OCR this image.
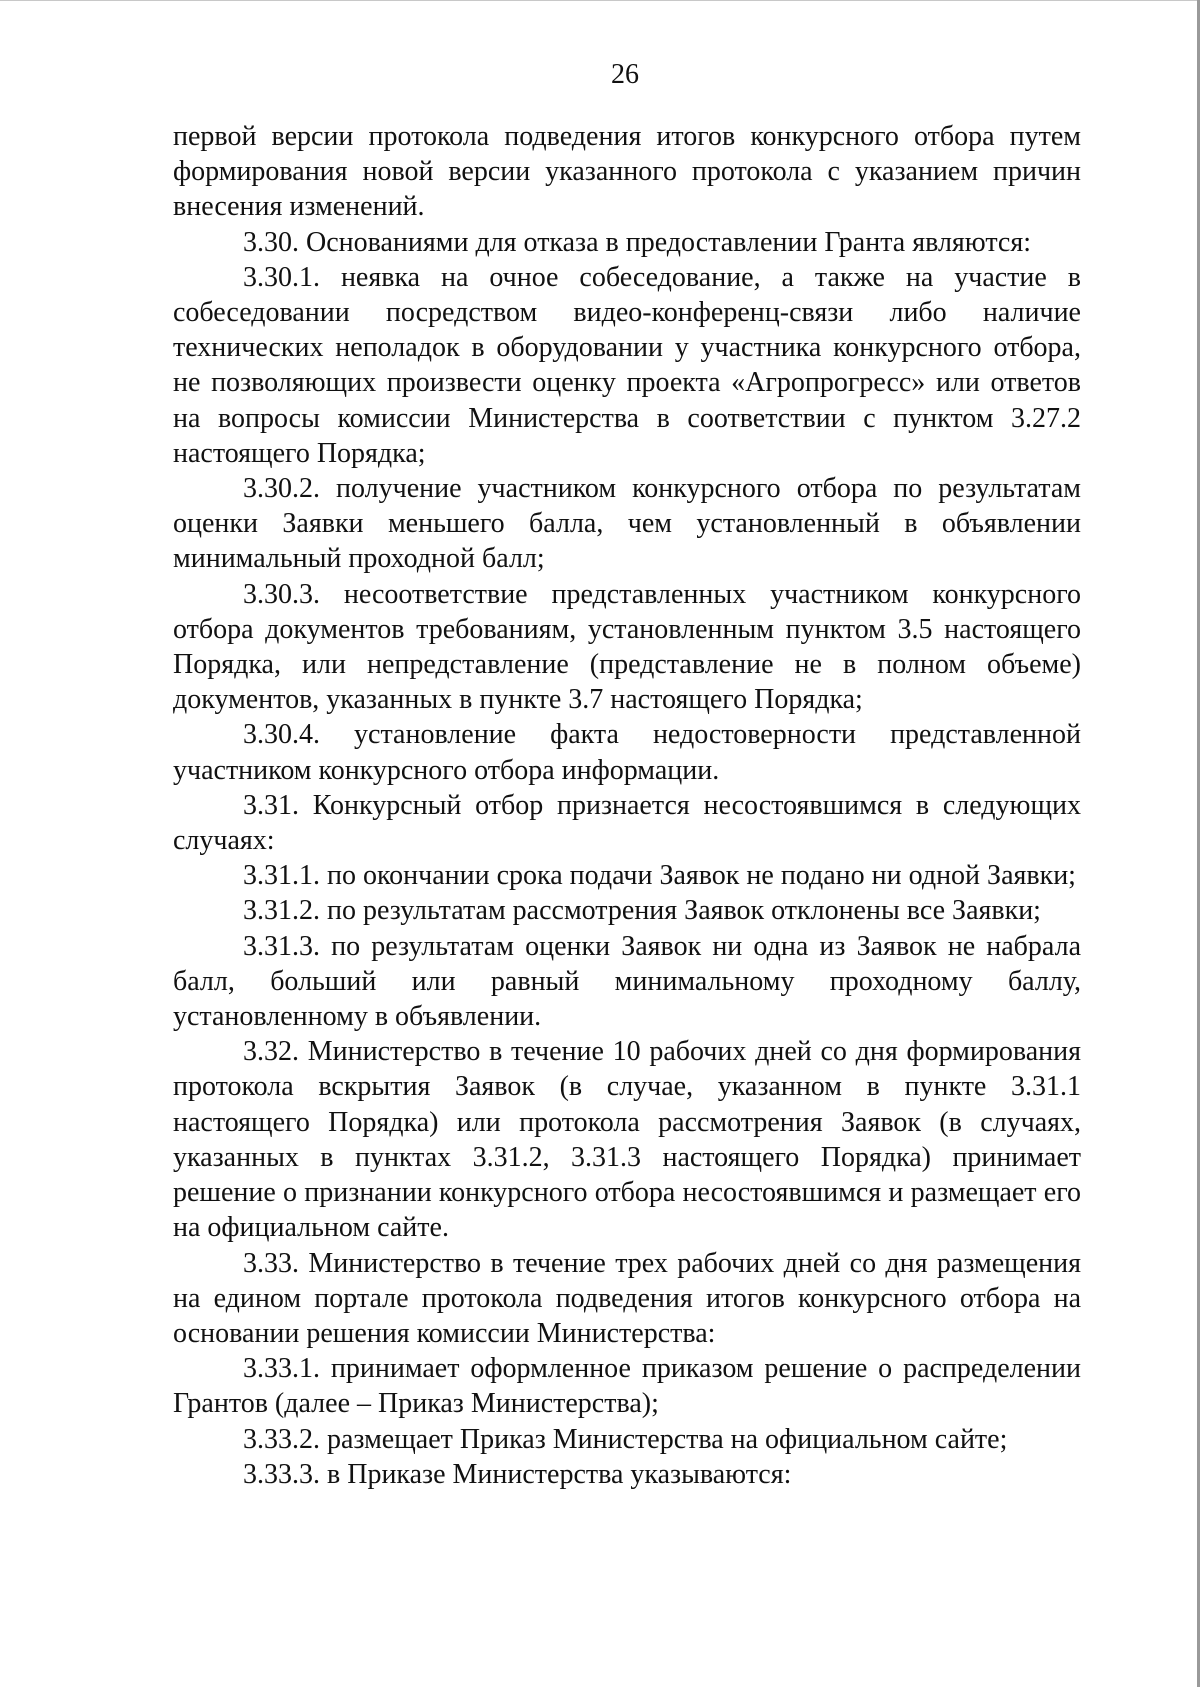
26

первой версии протокола подведения итогов конкурсного отбора путем формирования новой версии указанного протокола с указанием причин внесения изменений.

3.30. Основаниями для отказа в предоставлении Гранта являются:

3.30.1. неявка на очное собеседование, а также на участие в собеседовании посредством видео-конференц-связи либо наличие технических неполадок в оборудовании у участника конкурсного отбора, не позволяющих произвести оценку проекта «Агропрогресс» или ответов на вопросы комиссии Министерства в соответствии с пунктом 3.27.2 настоящего Порядка;

3.30.2. получение участником конкурсного отбора по результатам оценки Заявки меньшего балла, чем установленный в объявлении минимальный проходной балл;

3.30.3. несоответствие представленных участником конкурсного отбора документов требованиям, установленным пунктом 3.5 настоящего Порядка, или непредставление (представление не в полном объеме) документов, указанных в пункте 3.7 настоящего Порядка;

3.30.4. установление факта недостоверности представленной участником конкурсного отбора информации.

3.31. Конкурсный отбор признается несостоявшимся в следующих случаях:

3.31.1. по окончании срока подачи Заявок не подано ни одной Заявки;

3.31.2. по результатам рассмотрения Заявок отклонены все Заявки;

3.31.3. по результатам оценки Заявок ни одна из Заявок не набрала балл, больший или равный минимальному проходному баллу, установленному в объявлении.

3.32. Министерство в течение 10 рабочих дней со дня формирования протокола вскрытия Заявок (в случае, указанном в пункте 3.31.1 настоящего Порядка) или протокола рассмотрения Заявок (в случаях, указанных в пунктах 3.31.2, 3.31.3 настоящего Порядка) принимает решение о признании конкурсного отбора несостоявшимся и размещает его на официальном сайте.

3.33. Министерство в течение трех рабочих дней со дня размещения на едином портале протокола подведения итогов конкурсного отбора на основании решения комиссии Министерства:

3.33.1. принимает оформленное приказом решение о распределении Грантов (далее – Приказ Министерства);

3.33.2. размещает Приказ Министерства на официальном сайте;

3.33.3. в Приказе Министерства указываются:
